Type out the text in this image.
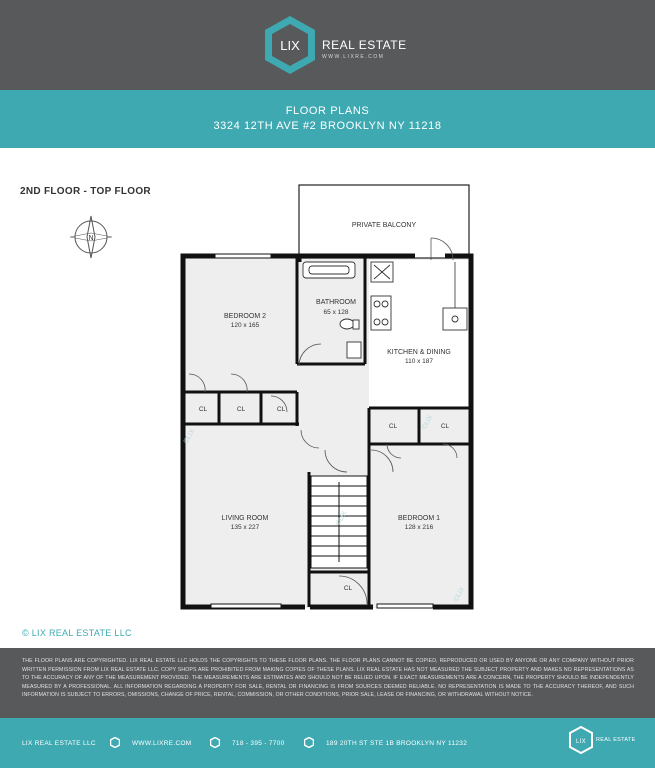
LIX REAL ESTATE
WWW.LIXRE.COM
FLOOR PLANS
3324 12TH AVE #2 BROOKLYN NY 11218
2ND FLOOR - TOP FLOOR
N
PRIVATE BALCONY
BEDROOM 2
120 x 165
BATHROOM
65 x 128
KITCHEN & DINING
110 x 187
LIVING ROOM
135 x 227
BEDROOM 1
128 x 216
CL	CL	CL
CL	CL
CL
©LIX
©LIX
©LIX
©LIX
© LIX REAL ESTATE LLC

THE FLOOR PLANS ARE COPYRIGHTED. LIX REAL ESTATE LLC HOLDS THE COPYRIGHTS TO THESE FLOOR PLANS. THE FLOOR PLANS CANNOT BE COPIED, REPRODUCED OR USED BY ANYONE OR ANY COMPANY WITHOUT PRIOR WRITTEN PERMISSION FROM LIX REAL ESTATE LLC. COPY SHOPS ARE PROHIBITED FROM MAKING COPIES OF THESE PLANS. LIX REAL ESTATE HAS NOT MEASURED THE SUBJECT PROPERTY AND MAKES NO REPRESENTATIONS AS TO THE ACCURACY OF ANY OF THE MEASUREMENT PROVIDED. THE MEASUREMENTS ARE ESTIMATES AND SHOULD NOT BE RELIED UPON. IF EXACT MEASUREMENTS ARE A CONCERN, THE PROPERTY SHOULD BE INDEPENDENTLY MEASURED BY A PROFESSIONAL. ALL INFORMATION REGARDING A PROPERTY FOR SALE, RENTAL OR FINANCING IS FROM SOURCES DEEMED RELIABLE. NO REPRESENTATION IS MADE TO THE ACCURACY THEREOF, AND SUCH INFORMATION IS SUBJECT TO ERRORS, OMISSIONS, CHANGE OF PRICE, RENTAL, COMMISSION, OR OTHER CONDITIONS, PRIOR SALE, LEASE OR FINANCING, OR WITHDRAWAL WITHOUT NOTICE.

LIX REAL ESTATE LLC	WWW.LIXRE.COM	718 - 395 - 7700	189 20TH ST STE 1B BROOKLYN NY 11232	LIX REAL ESTATE
